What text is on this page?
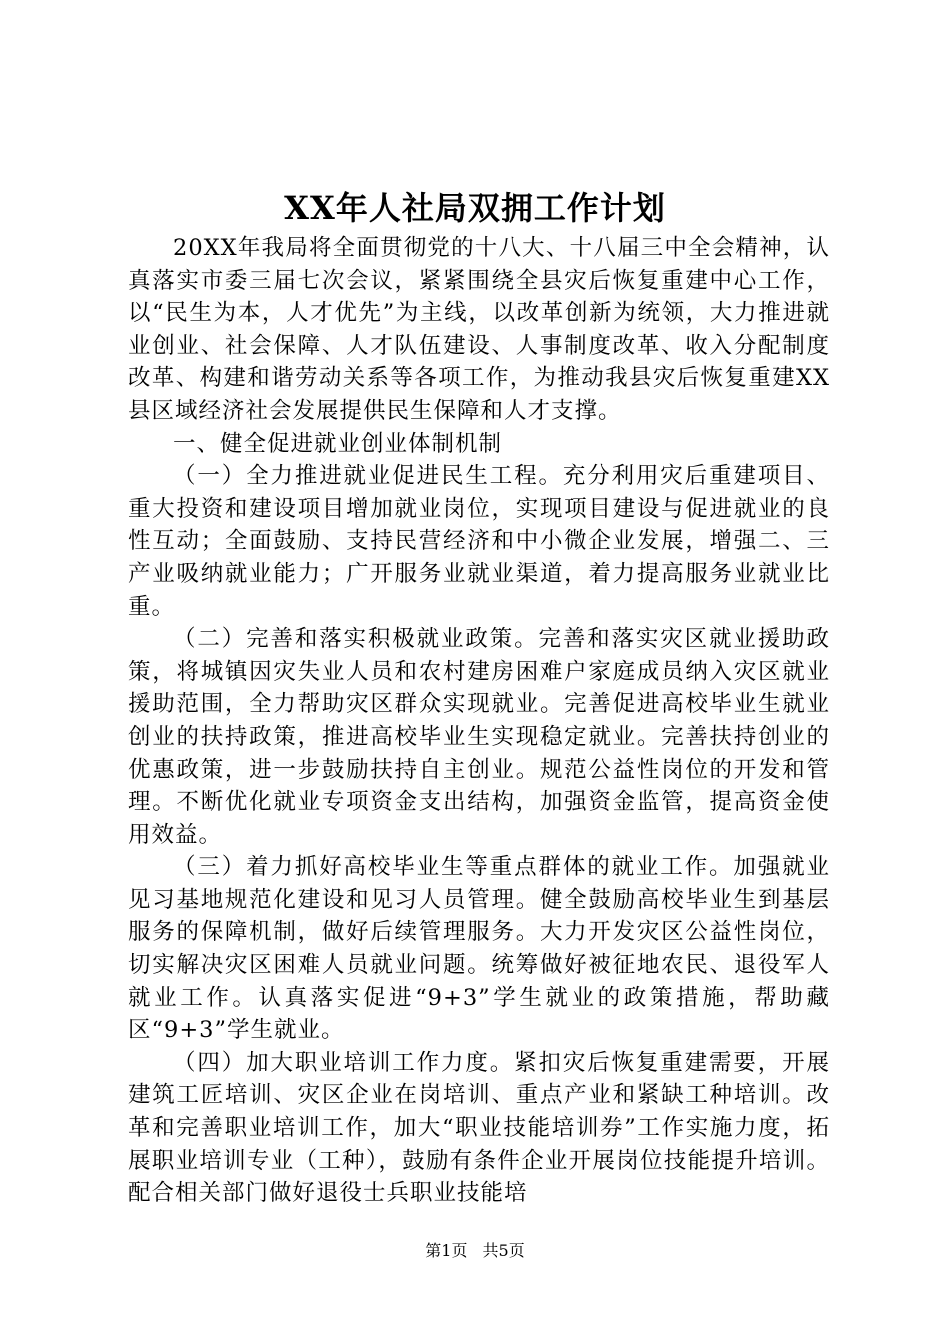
XX年人社局双拥工作计划

20XX年我局将全面贯彻党的十八大、十八届三中全会精神，认真落实市委三届七次会议，紧紧围绕全县灾后恢复重建中心工作，以“民生为本，人才优先”为主线，以改革创新为统领，大力推进就业创业、社会保障、人才队伍建设、人事制度改革、收入分配制度改革、构建和谐劳动关系等各项工作，为推动我县灾后恢复重建XX县区域经济社会发展提供民生保障和人才支撑。

一、健全促进就业创业体制机制

（一）全力推进就业促进民生工程。充分利用灾后重建项目、重大投资和建设项目增加就业岗位，实现项目建设与促进就业的良性互动；全面鼓励、支持民营经济和中小微企业发展，增强二、三产业吸纳就业能力；广开服务业就业渠道，着力提高服务业就业比重。

（二）完善和落实积极就业政策。完善和落实灾区就业援助政策，将城镇因灾失业人员和农村建房困难户家庭成员纳入灾区就业援助范围，全力帮助灾区群众实现就业。完善促进高校毕业生就业创业的扶持政策，推进高校毕业生实现稳定就业。完善扶持创业的优惠政策，进一步鼓励扶持自主创业。规范公益性岗位的开发和管理。不断优化就业专项资金支出结构，加强资金监管，提高资金使用效益。

（三）着力抓好高校毕业生等重点群体的就业工作。加强就业见习基地规范化建设和见习人员管理。健全鼓励高校毕业生到基层服务的保障机制，做好后续管理服务。大力开发灾区公益性岗位，切实解决灾区困难人员就业问题。统筹做好被征地农民、退役军人就业工作。认真落实促进“9+3”学生就业的政策措施，帮助藏区“9+3”学生就业。

（四）加大职业培训工作力度。紧扣灾后恢复重建需要，开展建筑工匠培训、灾区企业在岗培训、重点产业和紧缺工种培训。改革和完善职业培训工作，加大“职业技能培训券”工作实施力度，拓展职业培训专业（工种），鼓励有条件企业开展岗位技能提升培训。配合相关部门做好退役士兵职业技能培

第1页 共5页
